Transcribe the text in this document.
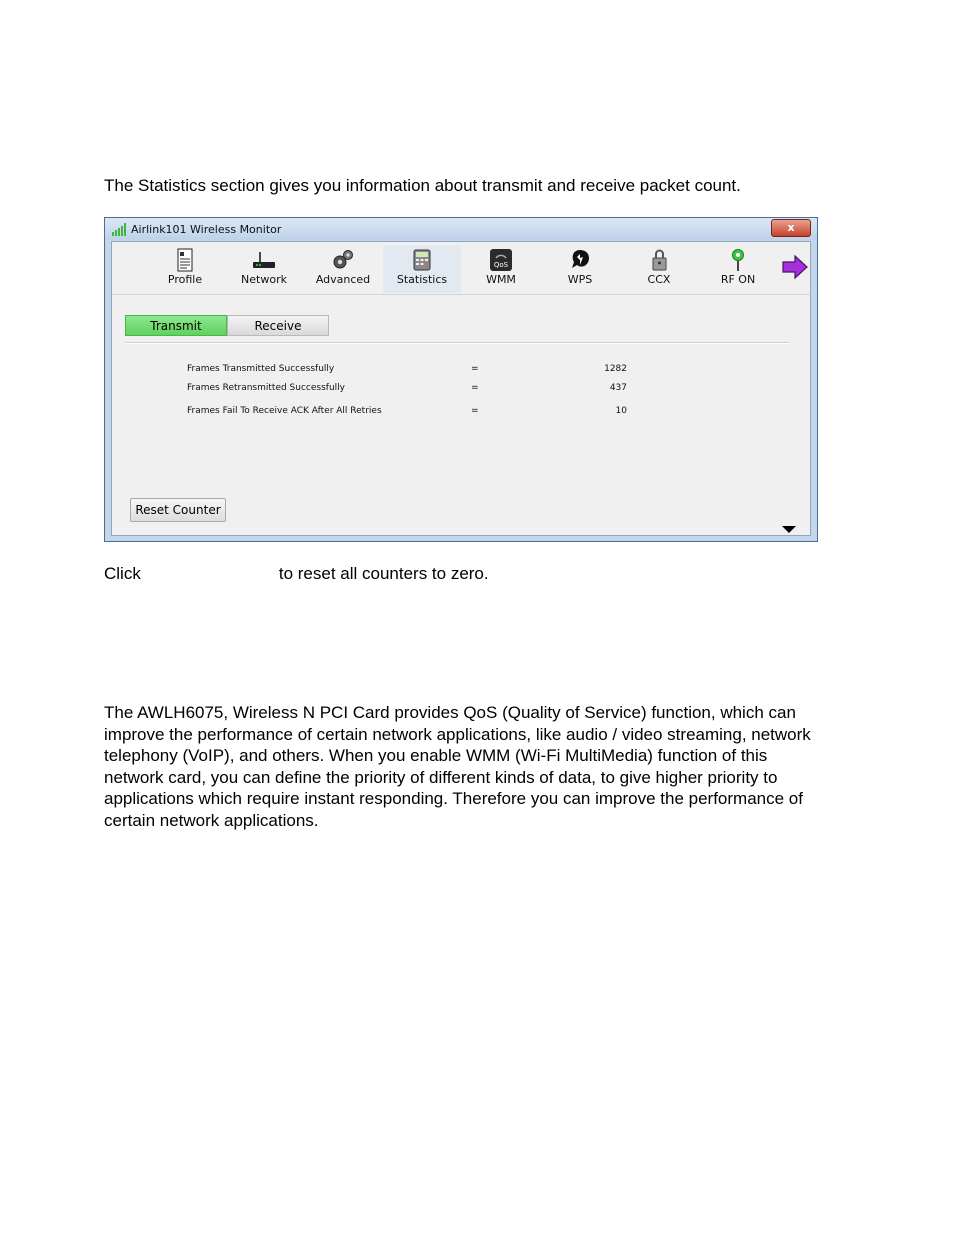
The Statistics section gives you information about transmit and receive packet count.

Airlink101 Wireless Monitor	x
Profile	Network	Advanced	Statistics
QoS
WMM	WPS	CCX	RF ON
Transmit	Receive
Frames Transmitted Successfully	=	1282
Frames Retransmitted Successfully	=	437
Frames Fail To Receive ACK After All Retries	=	10
Reset Counter

Click	to reset all counters to zero.

The AWLH6075, Wireless N PCI Card provides QoS (Quality of Service) function, which can improve the performance of certain network applications, like audio / video streaming, network telephony (VoIP), and others. When you enable WMM (Wi-Fi MultiMedia) function of this network card, you can define the priority of different kinds of data, to give higher priority to applications which require instant responding. Therefore you can improve the performance of certain network applications.
